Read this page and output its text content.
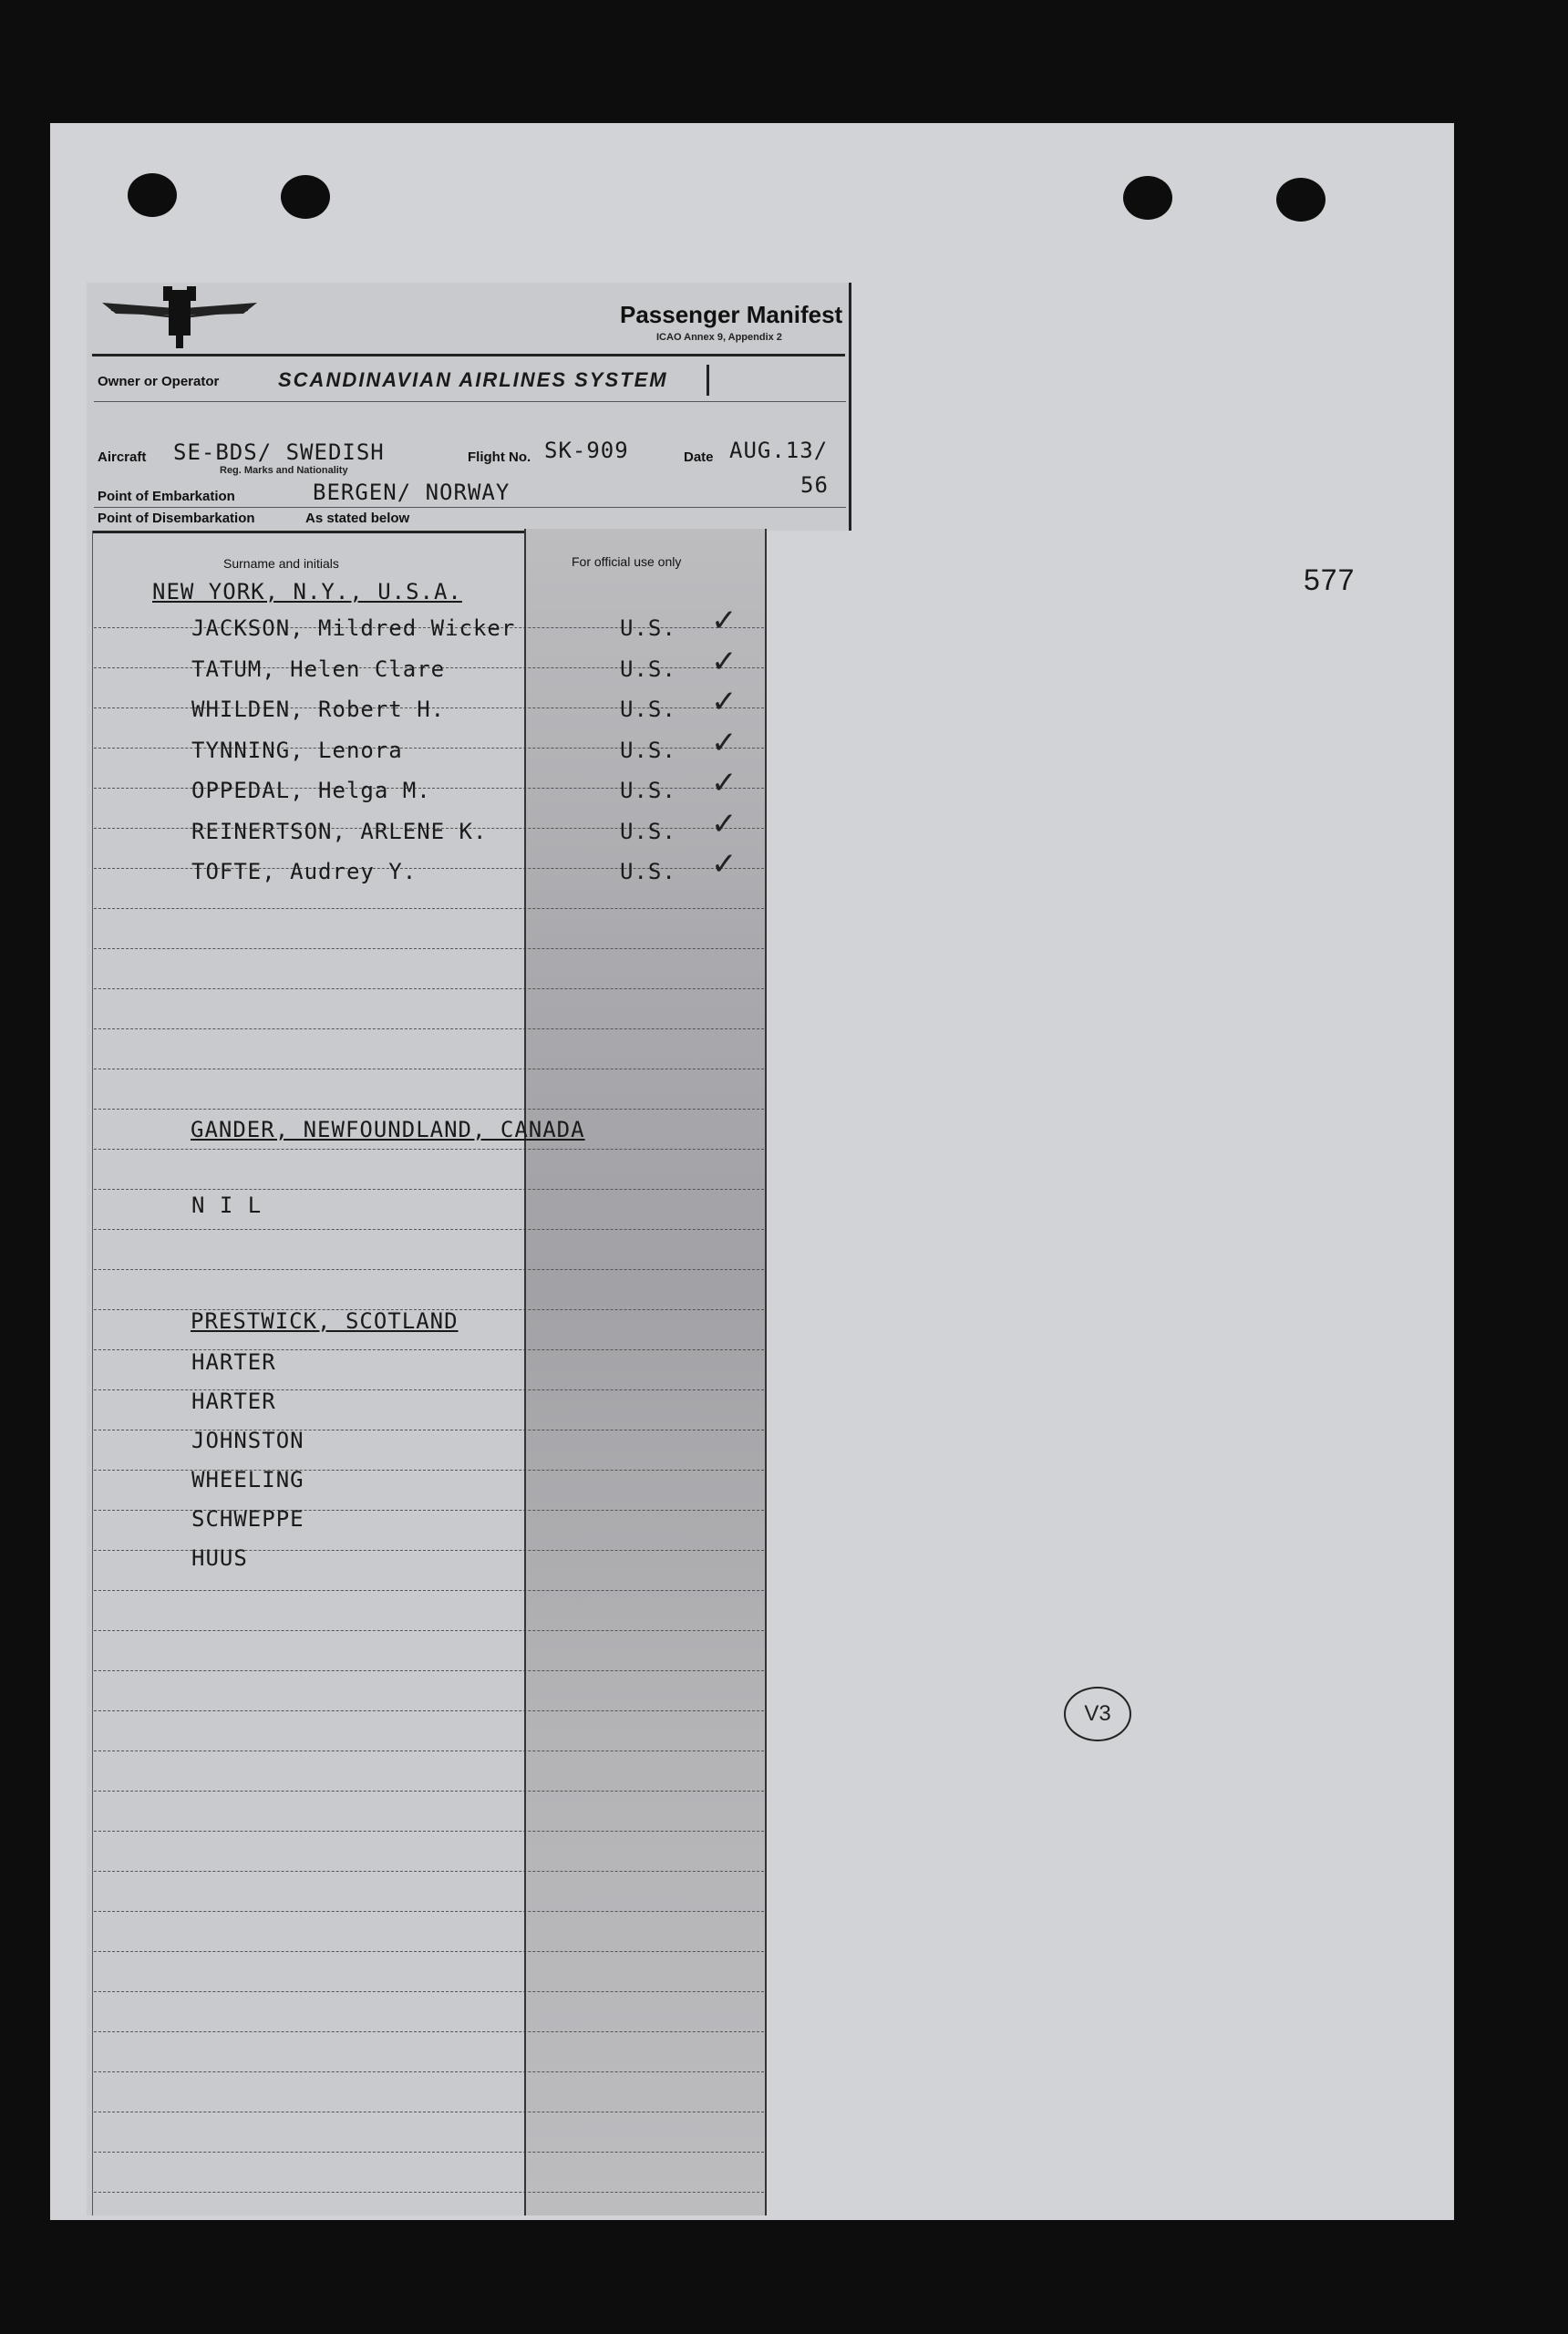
577
V3
Passenger Manifest
ICAO Annex 9, Appendix 2
Owner or Operator	SCANDINAVIAN AIRLINES SYSTEM
Aircraft SE-BDS/ SWEDISH
Reg. Marks and Nationality
Flight No. SK-909	Date AUG.13/
56
Point of Embarkation	BERGEN/ NORWAY
Point of Disembarkation	As stated below
Surname and initials	For official use only
NEW YORK, N.Y., U.S.A.
JACKSON, Mildred Wicker	U.S. ✓
TATUM, Helen Clare	U.S. ✓
WHILDEN, Robert H.	U.S. ✓
TYNNING, Lenora	U.S. ✓
OPPEDAL, Helga M.	U.S. ✓
REINERTSON, ARLENE K.	U.S. ✓
TOFTE, Audrey Y.	U.S. ✓
GANDER, NEWFOUNDLAND, CANADA
N I L
PRESTWICK, SCOTLAND
HARTER
HARTER
JOHNSTON
WHEELING
SCHWEPPE
HUUS
